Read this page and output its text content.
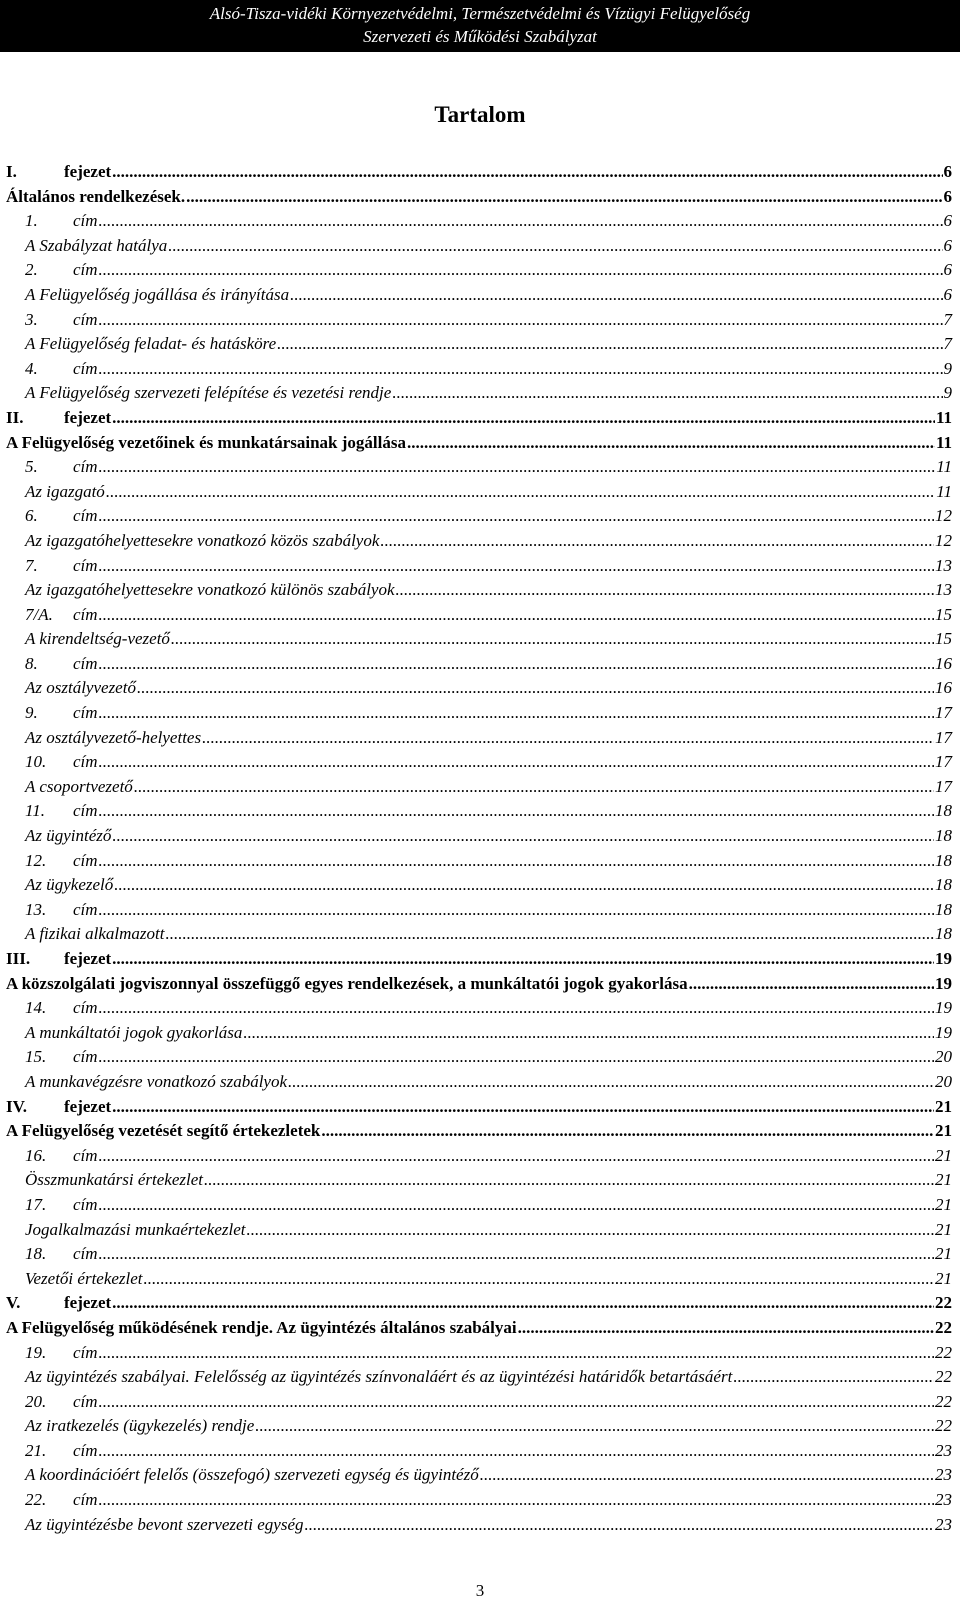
Alsó-Tisza-vidéki Környezetvédelmi, Természetvédelmi és Vízügyi Felügyelőség
Szervezeti és Működési Szabályzat
Tartalom
I.	fejezet .....	6
Általános rendelkezések. .....	6
1. cím .....	6
A Szabályzat hatálya .....	6
2. cím .....	6
A Felügyelőség jogállása és irányítása .....	6
3. cím .....	7
A Felügyelőség feladat- és hatásköre .....	7
4. cím .....	9
A Felügyelőség szervezeti felépítése és vezetési rendje .....	9
II. fejezet .....	11
A Felügyelőség vezetőinek és munkatársainak jogállása .....	11
5. cím .....	11
Az igazgató .....	11
6. cím .....	12
Az igazgatóhelyettesekre vonatkozó közös szabályok .....	12
7. cím .....	13
Az igazgatóhelyettesekre vonatkozó különös szabályok .....	13
7/A. cím .....	15
A kirendeltség-vezető .....	15
8. cím .....	16
Az osztályvezető .....	16
9. cím .....	17
Az osztályvezető-helyettes .....	17
10. cím .....	17
A csoportvezető .....	17
11. cím .....	18
Az ügyintéző .....	18
12. cím .....	18
Az ügykezelő .....	18
13. cím .....	18
A fizikai alkalmazott .....	18
III. fejezet .....	19
A közszolgálati jogviszonnyal összefüggő egyes rendelkezések, a munkáltatói jogok gyakorlása .....	19
14. cím .....	19
A munkáltatói jogok gyakorlása .....	19
15. cím .....	20
A munkavégzésre vonatkozó szabályok .....	20
IV. fejezet .....	21
A Felügyelőség vezetését segítő értekezletek .....	21
16. cím .....	21
Összmunkatársi értekezlet .....	21
17. cím .....	21
Jogalkalmazási munkaértekezlet .....	21
18. cím .....	21
Vezetői értekezlet .....	21
V.	fejezet .....	22
A Felügyelőség működésének rendje. Az ügyintézés általános szabályai .....	22
19. cím .....	22
Az ügyintézés szabályai. Felelősség az ügyintézés színvonaláért és az ügyintézési határidők betartásáért .....	22
20. cím .....	22
Az iratkezelés (ügykezelés) rendje .....	22
21. cím .....	23
A koordinációért felelős (összefogó) szervezeti egység és ügyintéző .....	23
22. cím .....	23
Az ügyintézésbe bevont szervezeti egység .....	23
3
